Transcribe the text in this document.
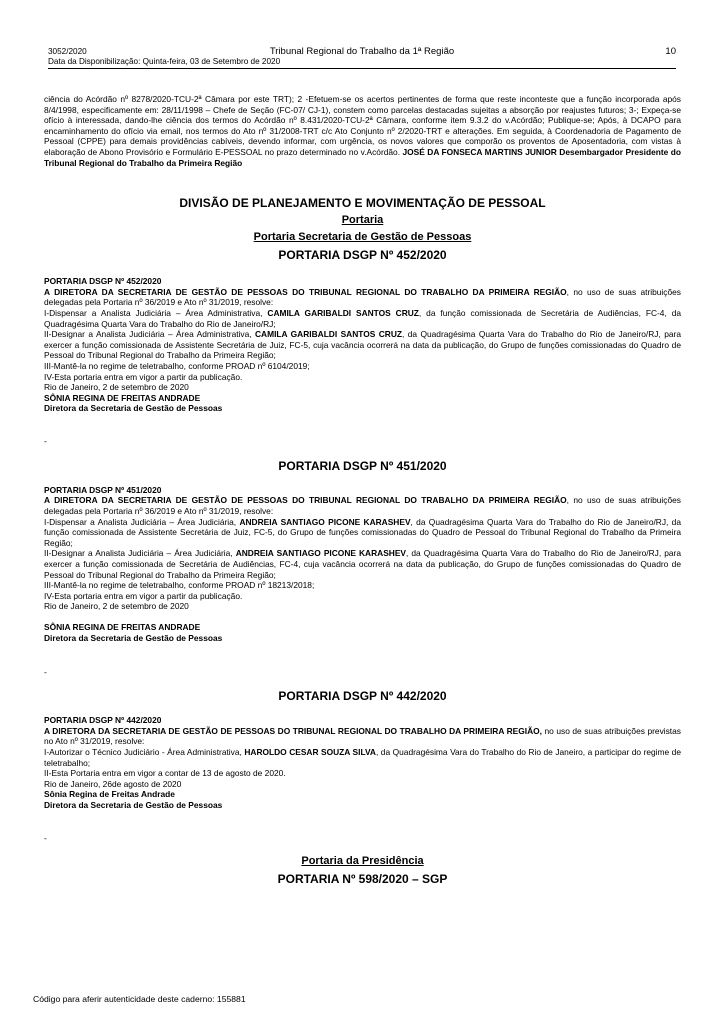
3052/2020
Data da Disponibilização: Quinta-feira, 03 de Setembro de 2020
Tribunal Regional do Trabalho da 1ª Região	10

ciência do Acórdão nº 8278/2020-TCU-2ª Câmara por este TRT); 2 -Efetuem-se os acertos pertinentes de forma que reste inconteste que a função incorporada após 8/4/1998, especificamente em: 28/11/1998 – Chefe de Seção (FC-07/ CJ-1), constem como parcelas destacadas sujeitas a absorção por reajustes futuros; 3-; Expeça-se ofício à interessada, dando-lhe ciência dos termos do Acórdão nº 8.431/2020-TCU-2ª Câmara, conforme item 9.3.2 do v.Acórdão; Publique-se; Após, à DCAPO para encaminhamento do ofício via email, nos termos do Ato nº 31/2008-TRT c/c Ato Conjunto nº 2/2020-TRT e alterações. Em seguida, à Coordenadoria de Pagamento de Pessoal (CPPE) para demais providências cabíveis, devendo informar, com urgência, os novos valores que comporão os proventos de Aposentadoria, com vistas à elaboração de Abono Provisório e Formulário E-PESSOAL no prazo determinado no v.Acórdão. JOSÉ DA FONSECA MARTINS JUNIOR Desembargador Presidente do Tribunal Regional do Trabalho da Primeira Região

DIVISÃO DE PLANEJAMENTO E MOVIMENTAÇÃO DE PESSOAL
Portaria
Portaria Secretaria de Gestão de Pessoas
PORTARIA DSGP Nº 452/2020

PORTARIA DSGP Nº 452/2020

A DIRETORA DA SECRETARIA DE GESTÃO DE PESSOAS DO TRIBUNAL REGIONAL DO TRABALHO DA PRIMEIRA REGIÃO, no uso de suas atribuições delegadas pela Portaria nº 36/2019 e Ato nº 31/2019, resolve:

I-Dispensar a Analista Judiciária – Área Administrativa, CAMILA GARIBALDI SANTOS CRUZ, da função comissionada de Secretária de Audiências, FC-4, da Quadragésima Quarta Vara do Trabalho do Rio de Janeiro/RJ;

II-Designar a Analista Judiciária – Área Administrativa, CAMILA GARIBALDI SANTOS CRUZ, da Quadragésima Quarta Vara do Trabalho do Rio de Janeiro/RJ, para exercer a função comissionada de Assistente Secretária de Juiz, FC-5, cuja vacância ocorrerá na data da publicação, do Grupo de funções comissionadas do Quadro de Pessoal do Tribunal Regional do Trabalho da Primeira Região;

III-Mantê-la no regime de teletrabalho, conforme PROAD nº 6104/2019;

IV-Esta portaria entra em vigor a partir da publicação.

Rio de Janeiro, 2 de setembro de 2020

SÔNIA REGINA DE FREITAS ANDRADE

Diretora da Secretaria de Gestão de Pessoas

-
PORTARIA DSGP Nº 451/2020

PORTARIA DSGP Nº 451/2020

A DIRETORA DA SECRETARIA DE GESTÃO DE PESSOAS DO TRIBUNAL REGIONAL DO TRABALHO DA PRIMEIRA REGIÃO, no uso de suas atribuições delegadas pela Portaria nº 36/2019 e Ato nº 31/2019, resolve:

I-Dispensar a Analista Judiciária – Área Judiciária, ANDREIA SANTIAGO PICONE KARASHEV, da Quadragésima Quarta Vara do Trabalho do Rio de Janeiro/RJ, da função comissionada de Assistente Secretária de Juiz, FC-5, do Grupo de funções comissionadas do Quadro de Pessoal do Tribunal Regional do Trabalho da Primeira Região;

II-Designar a Analista Judiciária – Área Judiciária, ANDREIA SANTIAGO PICONE KARASHEV, da Quadragésima Quarta Vara do Trabalho do Rio de Janeiro/RJ, para exercer a função comissionada de Secretária de Audiências, FC-4, cuja vacância ocorrerá na data da publicação, do Grupo de funções comissionadas do Quadro de Pessoal do Tribunal Regional do Trabalho da Primeira Região;

III-Mantê-la no regime de teletrabalho, conforme PROAD nº 18213/2018;

IV-Esta portaria entra em vigor a partir da publicação.

Rio de Janeiro, 2 de setembro de 2020

SÔNIA REGINA DE FREITAS ANDRADE

Diretora da Secretaria de Gestão de Pessoas

-
PORTARIA DSGP Nº 442/2020

PORTARIA DSGP Nº 442/2020

A DIRETORA DA SECRETARIA DE GESTÃO DE PESSOAS DO TRIBUNAL REGIONAL DO TRABALHO DA PRIMEIRA REGIÃO, no uso de suas atribuições previstas no Ato nº 31/2019, resolve:

I-Autorizar o Técnico Judiciário - Área Administrativa, HAROLDO CESAR SOUZA SILVA, da Quadragésima Vara do Trabalho do Rio de Janeiro, a participar do regime de teletrabalho;

II-Esta Portaria entra em vigor a contar de 13 de agosto de 2020.

Rio de Janeiro, 26de agosto de 2020

Sônia Regina de Freitas Andrade

Diretora da Secretaria de Gestão de Pessoas

-
Portaria da Presidência
PORTARIA Nº 598/2020 – SGP
Código para aferir autenticidade deste caderno: 155881
